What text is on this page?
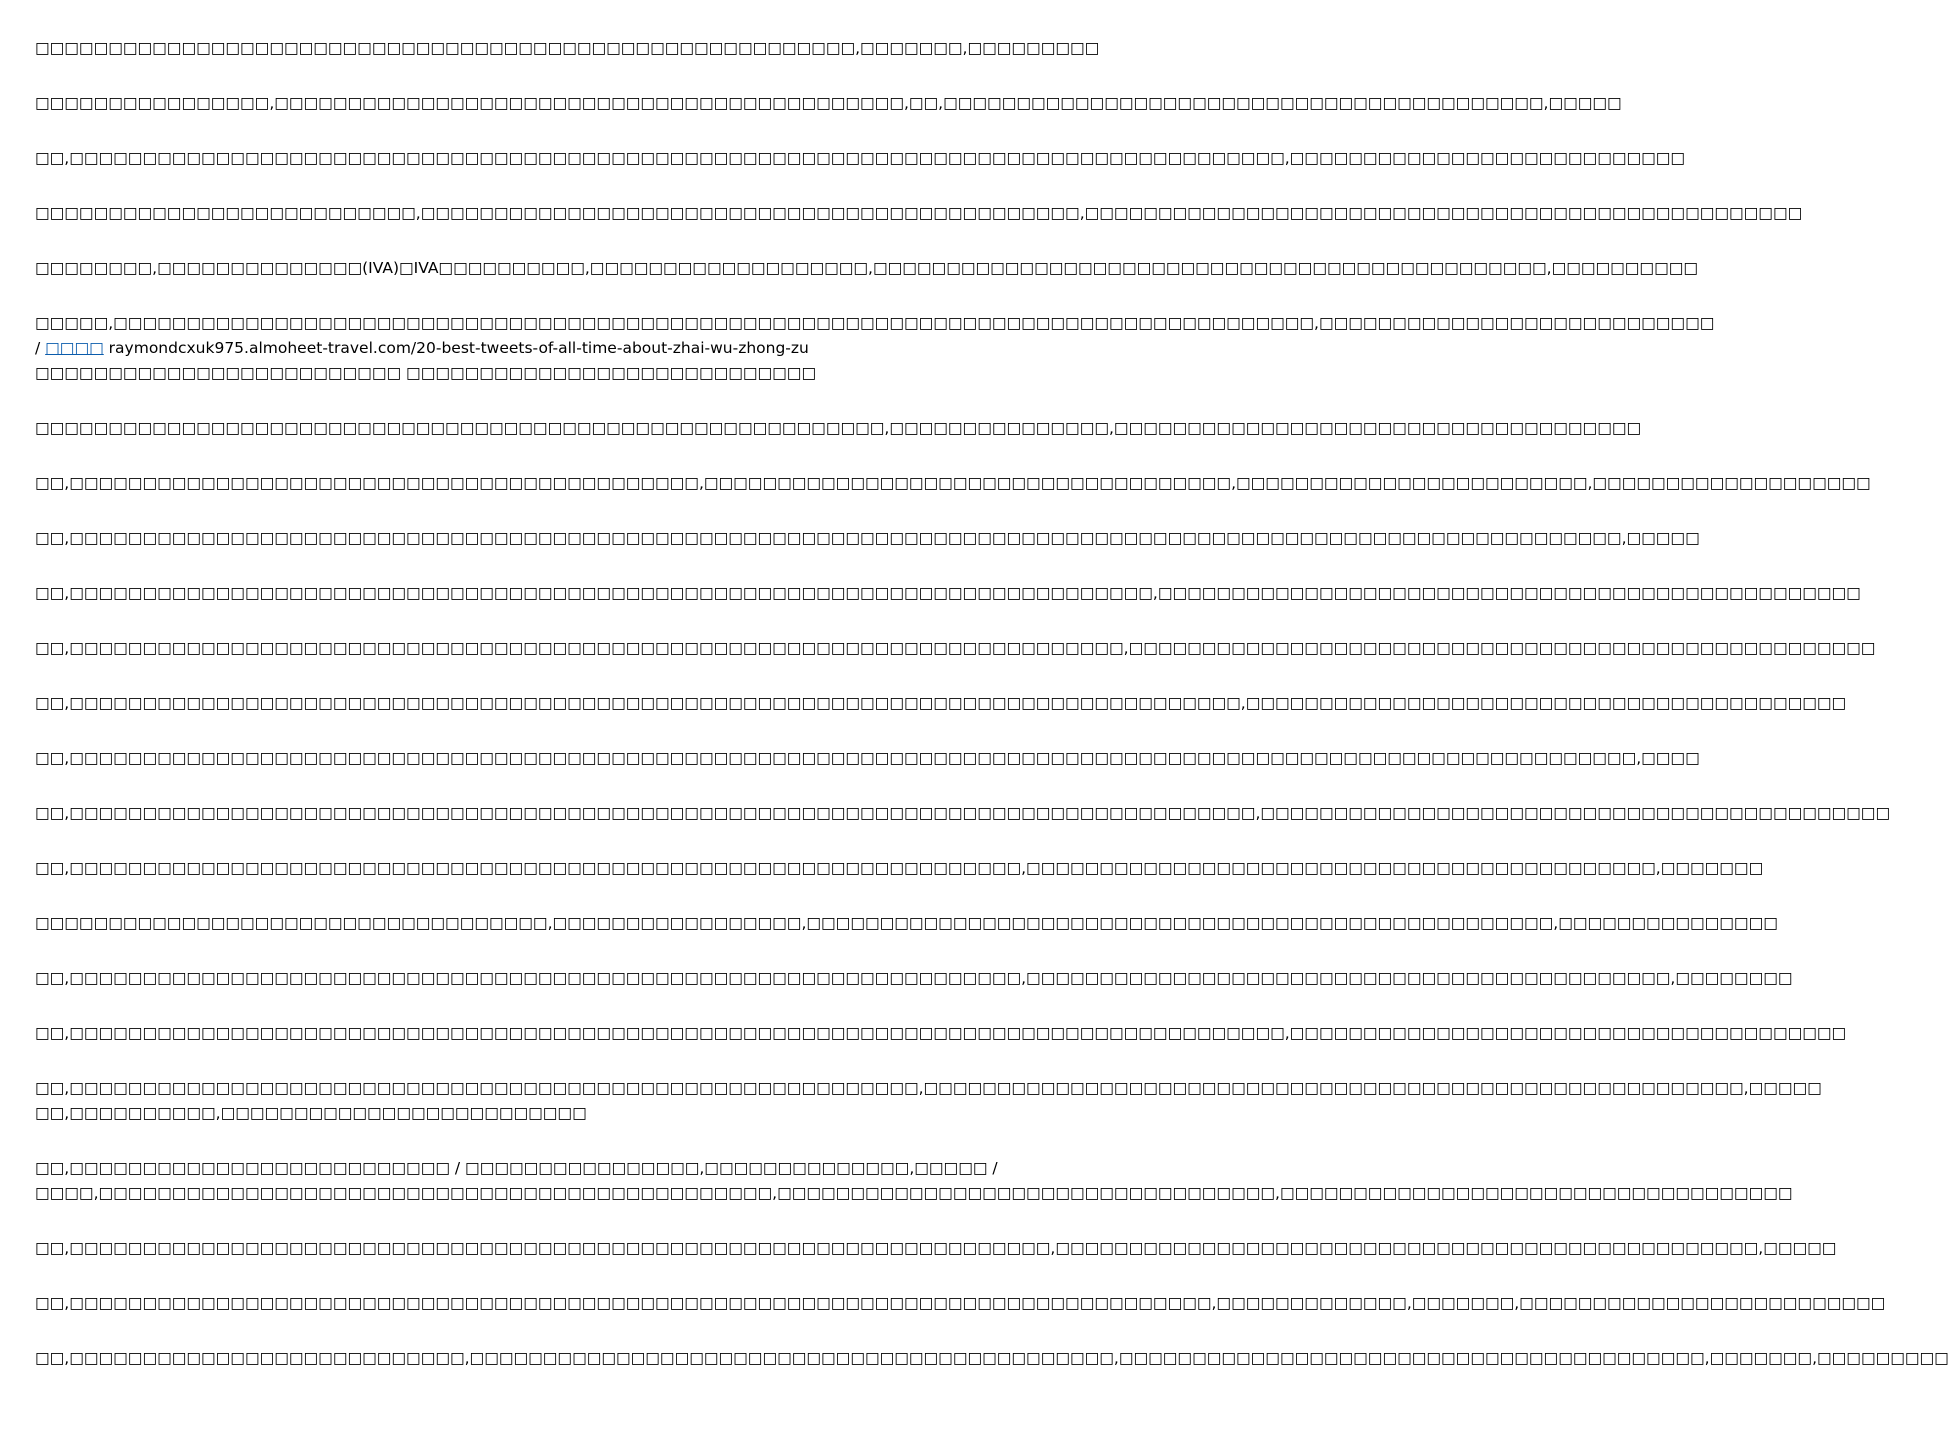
□□□□□□□□□□□□□□□□□□□□□□□□□□□□□□□□□□□□□□□□□□□□□□□□□□□□□□□□,□□□□□□□,□□□□□□□□□

□□□□□□□□□□□□□□□□,□□□□□□□□□□□□□□□□□□□□□□□□□□□□□□□□□□□□□□□□□□□,□□,□□□□□□□□□□□□□□□□□□□□□□□□□□□□□□□□□□□□□□□□□,□□□□□

□□,□□□□□□□□□□□□□□□□□□□□□□□□□□□□□□□□□□□□□□□□□□□□□□□□□□□□□□□□□□□□□□□□□□□□□□□□□□□□□□□□□□□,□□□□□□□□□□□□□□□□□□□□□□□□□□□

□□□□□□□□□□□□□□□□□□□□□□□□□□,□□□□□□□□□□□□□□□□□□□□□□□□□□□□□□□□□□□□□□□□□□□□□,□□□□□□□□□□□□□□□□□□□□□□□□□□□□□□□□□□□□□□□□□□□□□□□□□

□□□□□□□□,□□□□□□□□□□□□□□(IVA)□IVA□□□□□□□□□□,□□□□□□□□□□□□□□□□□□□,□□□□□□□□□□□□□□□□□□□□□□□□□□□□□□□□□□□□□□□□□□□□□□,□□□□□□□□□□

□□□□□,□□□□□□□□□□□□□□□□□□□□□□□□□□□□□□□□□□□□□□□□□□□□□□□□□□□□□□□□□□□□□□□□□□□□□□□□□□□□□□□□□□,□□□□□□□□□□□□□□□□□□□□□□□□□□□
/ □□□□ raymondcxuk975.almoheet-travel.com/20-best-tweets-of-all-time-about-zhai-wu-zhong-zu
□□□□□□□□□□□□□□□□□□□□□□□□□ □□□□□□□□□□□□□□□□□□□□□□□□□□□□

□□□□□□□□□□□□□□□□□□□□□□□□□□□□□□□□□□□□□□□□□□□□□□□□□□□□□□□□□□,□□□□□□□□□□□□□□□,□□□□□□□□□□□□□□□□□□□□□□□□□□□□□□□□□□□□

□□,□□□□□□□□□□□□□□□□□□□□□□□□□□□□□□□□□□□□□□□□□□□,□□□□□□□□□□□□□□□□□□□□□□□□□□□□□□□□□□□□,□□□□□□□□□□□□□□□□□□□□□□□□,□□□□□□□□□□□□□□□□□□□

□□,□□□□□□□□□□□□□□□□□□□□□□□□□□□□□□□□□□□□□□□□□□□□□□□□□□□□□□□□□□□□□□□□□□□□□□□□□□□□□□□□□□□□□□□□□□□□□□□□□□□□□□□□□□,□□□□□

□□,□□□□□□□□□□□□□□□□□□□□□□□□□□□□□□□□□□□□□□□□□□□□□□□□□□□□□□□□□□□□□□□□□□□□□□□□□□,□□□□□□□□□□□□□□□□□□□□□□□□□□□□□□□□□□□□□□□□□□□□□□□□

□□,□□□□□□□□□□□□□□□□□□□□□□□□□□□□□□□□□□□□□□□□□□□□□□□□□□□□□□□□□□□□□□□□□□□□□□□□,□□□□□□□□□□□□□□□□□□□□□□□□□□□□□□□□□□□□□□□□□□□□□□□□□□□

□□,□□□□□□□□□□□□□□□□□□□□□□□□□□□□□□□□□□□□□□□□□□□□□□□□□□□□□□□□□□□□□□□□□□□□□□□□□□□□□□□□,□□□□□□□□□□□□□□□□□□□□□□□□□□□□□□□□□□□□□□□□□

□□,□□□□□□□□□□□□□□□□□□□□□□□□□□□□□□□□□□□□□□□□□□□□□□□□□□□□□□□□□□□□□□□□□□□□□□□□□□□□□□□□□□□□□□□□□□□□□□□□□□□□□□□□□□□,□□□□

□□,□□□□□□□□□□□□□□□□□□□□□□□□□□□□□□□□□□□□□□□□□□□□□□□□□□□□□□□□□□□□□□□□□□□□□□□□□□□□□□□□□,□□□□□□□□□□□□□□□□□□□□□□□□□□□□□□□□□□□□□□□□□□□

□□,□□□□□□□□□□□□□□□□□□□□□□□□□□□□□□□□□□□□□□□□□□□□□□□□□□□□□□□□□□□□□□□□□,□□□□□□□□□□□□□□□□□□□□□□□□□□□□□□□□□□□□□□□□□□□,□□□□□□□

□□□□□□□□□□□□□□□□□□□□□□□□□□□□□□□□□□□,□□□□□□□□□□□□□□□□□,□□□□□□□□□□□□□□□□□□□□□□□□□□□□□□□□□□□□□□□□□□□□□□□□□□□,□□□□□□□□□□□□□□□

□□,□□□□□□□□□□□□□□□□□□□□□□□□□□□□□□□□□□□□□□□□□□□□□□□□□□□□□□□□□□□□□□□□□,□□□□□□□□□□□□□□□□□□□□□□□□□□□□□□□□□□□□□□□□□□□□,□□□□□□□□

□□,□□□□□□□□□□□□□□□□□□□□□□□□□□□□□□□□□□□□□□□□□□□□□□□□□□□□□□□□□□□□□□□□□□□□□□□□□□□□□□□□□□□,□□□□□□□□□□□□□□□□□□□□□□□□□□□□□□□□□□□□□□

□□,□□□□□□□□□□□□□□□□□□□□□□□□□□□□□□□□□□□□□□□□□□□□□□□□□□□□□□□□□□,□□□□□□□□□□□□□□□□□□□□□□□□□□□□□□□□□□□□□□□□□□□□□□□□□□□□□□□□,□□□□□
□□,□□□□□□□□□□,□□□□□□□□□□□□□□□□□□□□□□□□□

□□,□□□□□□□□□□□□□□□□□□□□□□□□□□ / □□□□□□□□□□□□□□□□,□□□□□□□□□□□□□□,□□□□□ /
□□□□,□□□□□□□□□□□□□□□□□□□□□□□□□□□□□□□□□□□□□□□□□□□□□□,□□□□□□□□□□□□□□□□□□□□□□□□□□□□□□□□□□,□□□□□□□□□□□□□□□□□□□□□□□□□□□□□□□□□□□

□□,□□□□□□□□□□□□□□□□□□□□□□□□□□□□□□□□□□□□□□□□□□□□□□□□□□□□□□□□□□□□□□□□□□□,□□□□□□□□□□□□□□□□□□□□□□□□□□□□□□□□□□□□□□□□□□□□□□□□,□□□□□

□□,□□□□□□□□□□□□□□□□□□□□□□□□□□□□□□□□□□□□□□□□□□□□□□□□□□□□□□□□□□□□□□□□□□□□□□□□□□□□□□,□□□□□□□□□□□□□,□□□□□□□,□□□□□□□□□□□□□□□□□□□□□□□□□

□□,□□□□□□□□□□□□□□□□□□□□□□□□□□□,□□□□□□□□□□□□□□□□□□□□□□□□□□□□□□□□□□□□□□□□□□□□,□□□□□□□□□□□□□□□□□□□□□□□□□□□□□□□□□□□□□□□□,□□□□□□□,□□□□□□□□□
